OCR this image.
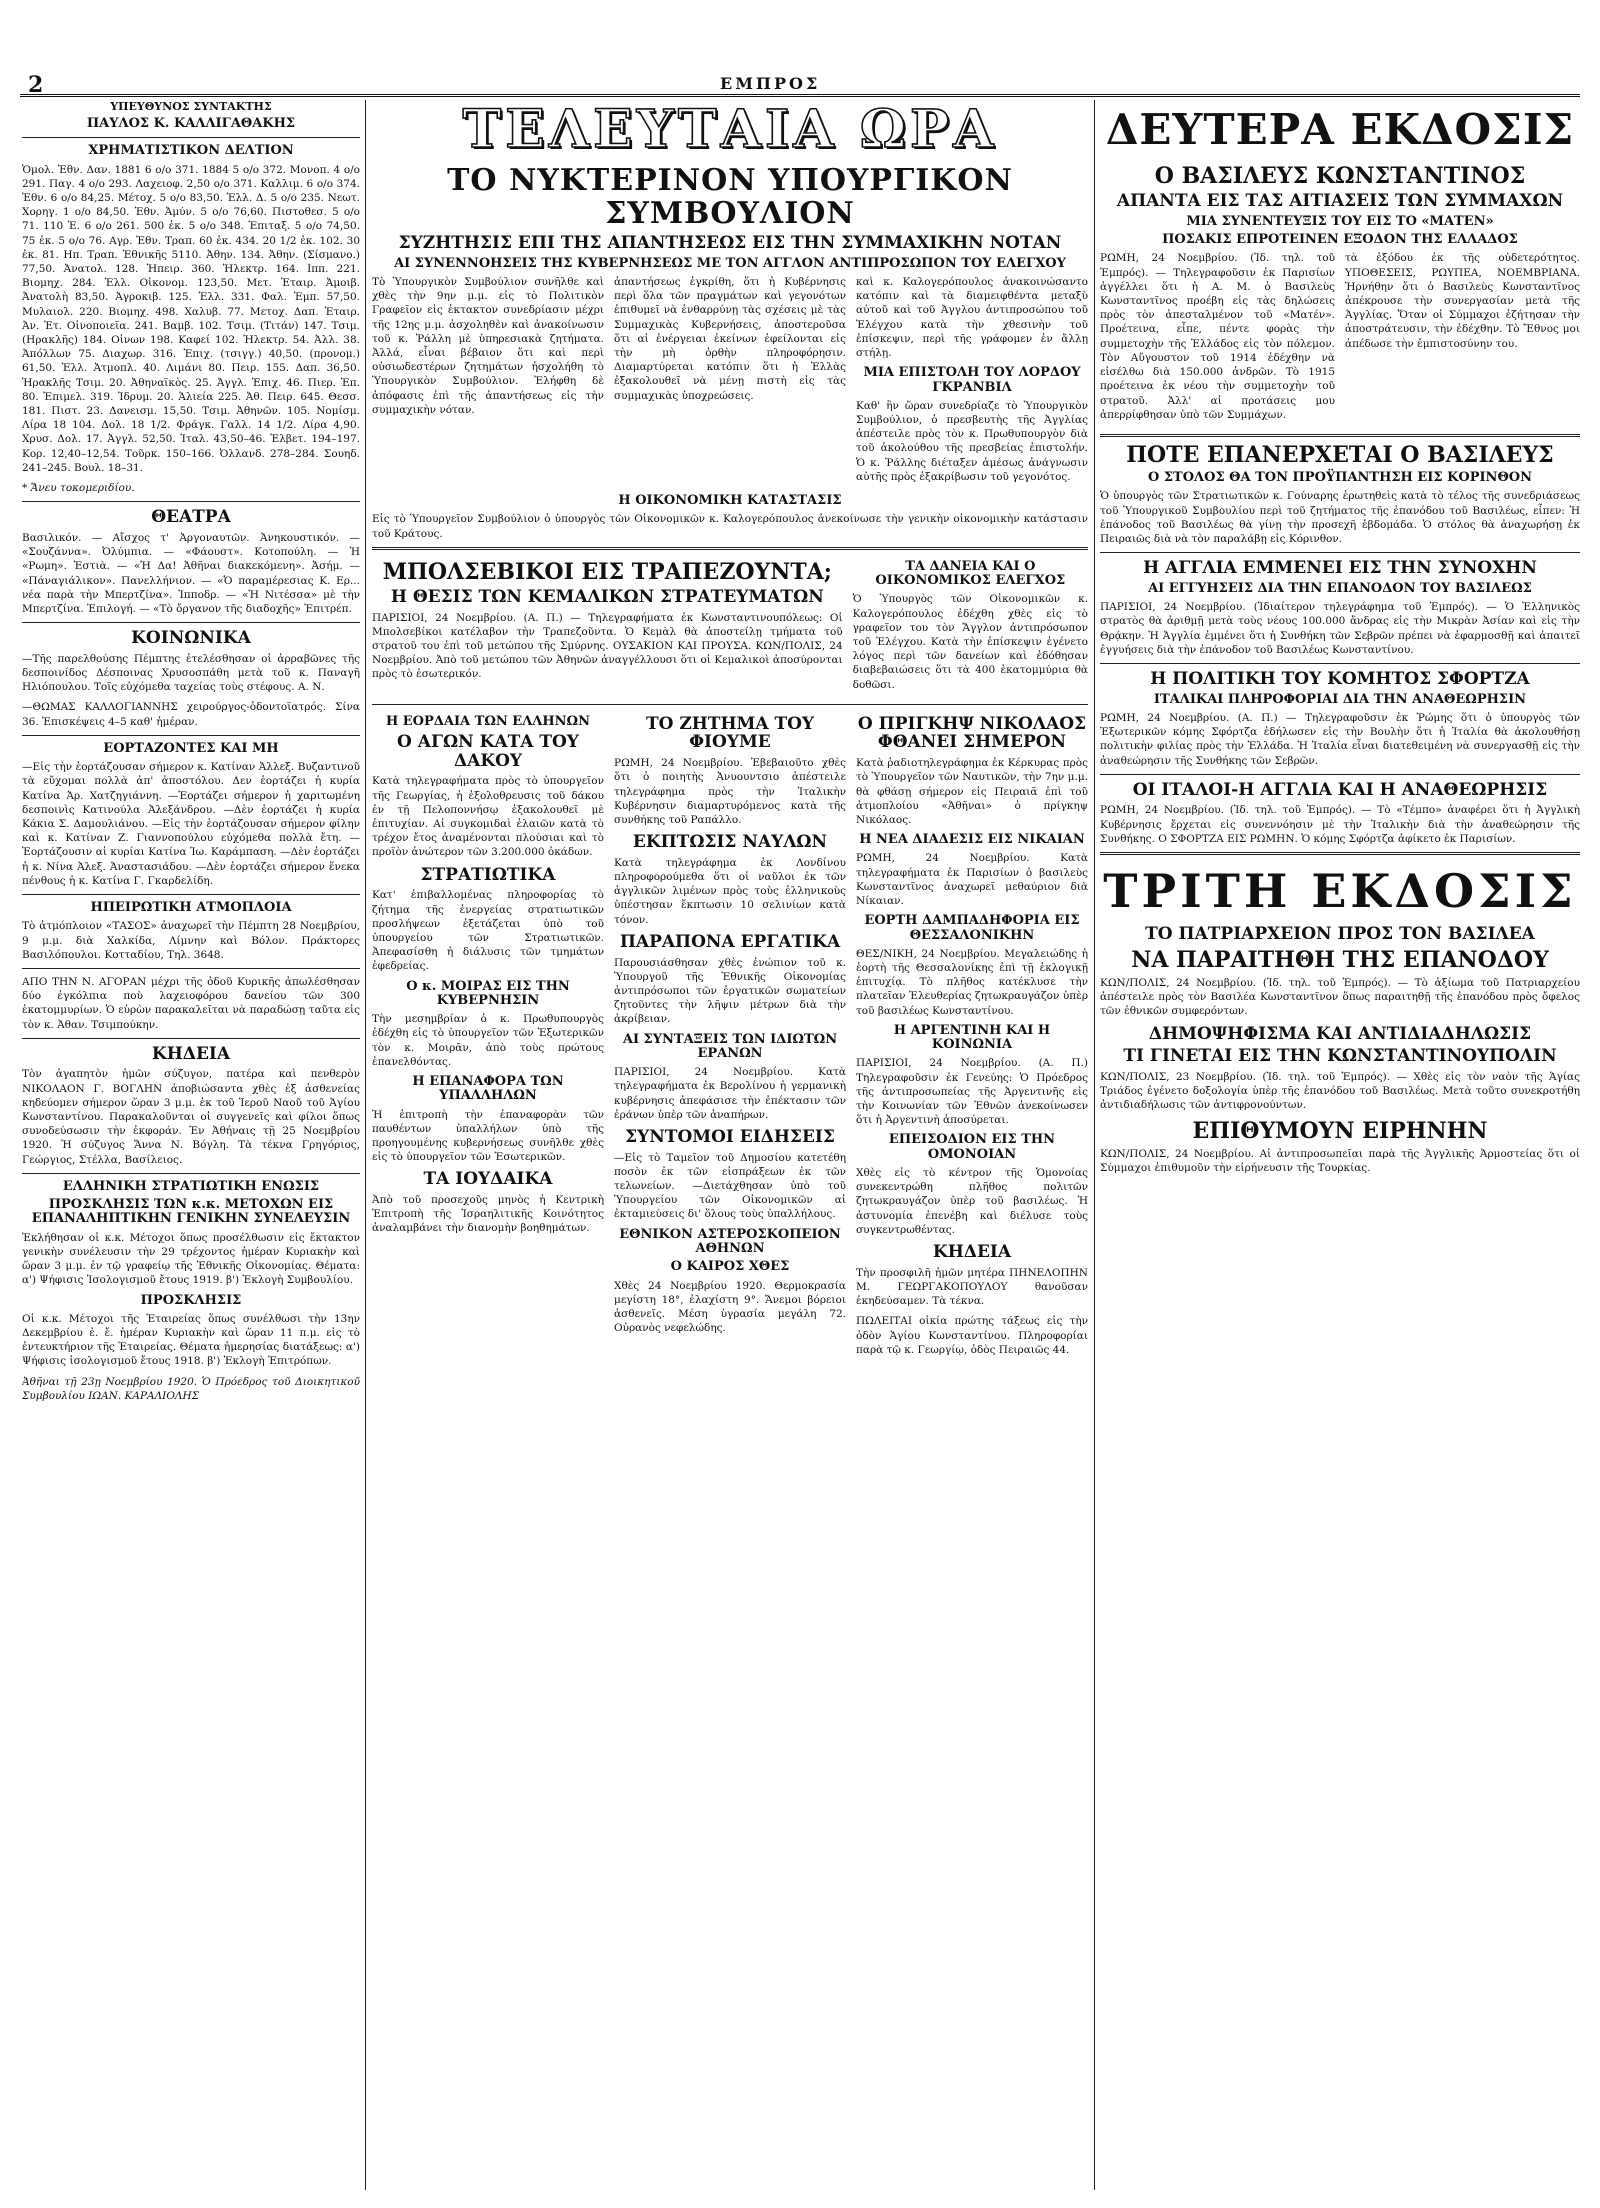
2	ΕΜΠΡΟΣ
ΥΠΕΥΘΥΝΟΣ ΣΥΝΤΑΚΤΗΣ
ΠΑΥΛΟΣ Κ. ΚΑΛΛΙΓΑΘΑΚΗΣ
ΧΡΗΜΑΤΙΣΤΙΚΟΝ ΔΕΛΤΙΟΝ

Ὁμολ. Ἐθν. Δαν. 1881 6 ο/ο 371. 1884 5 ο/ο 372. Μονοπ. 4 ο/ο 291. Παγ. 4 ο/ο 293. Λαχειοφ. 2,50 ο/ο 371. Καλλιμ. 6 ο/ο 374. Ἐθν. 6 ο/ο 84,25. Μέτοχ. 5 ο/ο 83,50. Ἐλλ. Δ. 5 ο/ο 235. Νεωτ. Χορηγ. 1 ο/ο 84,50. Ἐθν. Ἀμύν. 5 ο/ο 76,60. Πιστοθεσ. 5 ο/ο 71. 110 Ἐ. 6 ο/ο 261. 500 ἐκ. 5 ο/ο 348. Ἐπιταξ. 5 ο/ο 74,50. 75 ἐκ. 5 ο/ο 76. Αγρ. Ἐθν. Τραπ. 60 ἐκ. 434. 20 1/2 ἐκ. 102. 30 ἐκ. 81. Ηπ. Τραπ. Ἐθνικῆς 5110. Ἀθην. 134. Ἀθην. (Σίσμανο.) 77,50. Ἀνατολ. 128. Ἠπειρ. 360. Ἠλεκτρ. 164. Ιππ. 221. Βιομηχ. 284. Ἑλλ. Οἰκονομ. 123,50. Μετ. Ἐταιρ. Ἀμοιβ. Ἀνατολὴ 83,50. Ἀγροκιβ. 125. Ἑλλ. 331. Φαλ. Ἐμπ. 57,50. Μυλαιολ. 220. Βιομηχ. 498. Χαλυβ. 77. Μετοχ. Δαπ. Ἐταιρ. Ἀν. Ἑτ. Οἰνοποιεῖα. 241. Βαμβ. 102. Τσιμ. (Τιτάν) 147. Τσιμ. (Ηρακλῆς) 184. Οἰνων 198. Καφεί 102. Ἠλεκτρ. 54. Ἀλλ. 38. Ἀπόλλων 75. Διαχωρ. 316. Ἐπιχ. (τσιγγ.) 40,50. (προνομ.) 61,50. Ἐλλ. Ἀτμοπλ. 40. Λιμάνι 80. Πειρ. 155. Δαπ. 36,50. Ἡρακλῆς Τσιμ. 20. Ἀθηναϊκὸς. 25. Ἀγγλ. Ἐπιχ. 46. Πιερ. Ἐπ. 80. Ἐπιμελ. 319. Ἰδρυμ. 20. Ἁλιεία 225. Ἀθ. Πειρ. 645. Θεσσ. 181. Πιστ. 23. Δανεισμ. 15,50. Τσιμ. Ἀθηνῶν. 105. Νομίσμ. Λίρα 18 104. Δολ. 18 1/2. Φράγκ. Γαλλ. 14 1/2. Λίρα 4,90. Χρυσ. Δολ. 17. Ἀγγλ. 52,50. Ἰταλ. 43,50–46. Ἐλβετ. 194–197. Κορ. 12,40–12,54. Τοῦρκ. 150–166. Ὀλλανδ. 278–284. Σουηδ. 241–245. Βουλ. 18–31.

* Ἄνευ τοκομεριδίου.

ΘΕΑΤΡΑ

Βασιλικόν. — Αἴσχος τ' Ἀργοναυτῶν. Ἀνηκουστικόν. — «Σουζάννα». Ὀλύμπια. — «Φάουστ». Κοτοπούλη. — Ἡ «Ρωμη». Ἑστιὰ. — «Ἡ Δα! Ἀθῆναι διακεκόμενη». Ἀσήμ. — «Πάναγιάλικον». Πανελλήνιον. — «Ὁ παραμέρεσιας Κ. Ερ... νέα παρὰ τὴν Μπερτζίνα». Ἱπποδρ. — «Ἡ Νιτέσσα» μὲ τὴν Μπερτζίνα. Ἐπιλογή. — «Τὸ ὄργανον τῆς διαδοχῆς» Ἐπιτρέπ.

ΚΟΙΝΩΝΙΚΑ

—Τῆς παρελθούσης Πέμπτης ἐτελέσθησαν οἱ ἀρραβῶνες τῆς δεσποινίδος Δέσποινας Χρυσοσπάθη μετὰ τοῦ κ. Παναγῆ Ηλιόπουλου. Τοῖς εὐχόμεθα ταχείας τοὺς στέφους. Α. Ν.

—ΘΩΜΑΣ ΚΑΛΛΟΓΙΑΝΝΗΣ χειρούργος-ὀδοντοϊατρός. Σίνα 36. Ἐπισκέψεις 4–5 καθ' ἡμέραν.

ΕΟΡΤΑΖΟΝΤΕΣ ΚΑΙ ΜΗ

—Εἰς τὴν ἑορτάζουσαν σήμερον κ. Κατίναν Ἀλλεξ. Βυζαντινοῦ τὰ εὔχομαι πολλὰ ἀπ' ἀποστόλου. Δεν ἑορτάζει ἡ κυρία Κατίνα Ἀρ. Χατζηγιάννη. —Ἑορτάζει σήμερον ἡ χαριτωμένη δεσποινὶς Κατινούλα Ἀλεξάνδρου. —Δὲν ἑορτάζει ἡ κυρία Κάκια Σ. Δαμουλιάνου. —Εἰς τὴν ἑορτάζουσαν σήμερον φίλην καὶ κ. Κατίναν Ζ. Γιαννοπούλου εὐχόμεθα πολλὰ ἔτη. —Ἑορτάζουσιν αἱ κυρίαι Κατίνα Ἰω. Καράμπαση. —Δὲν ἑορτάζει ἡ κ. Νίνα Ἀλεξ. Ἀναστασιάδου. —Δὲν ἑορτάζει σήμερον ἕνεκα πένθους ἡ κ. Κατίνα Γ. Γκαρδελίδη.

ΗΠΕΙΡΩΤΙΚΗ ΑΤΜΟΠΛΟΙΑ

Τὸ ἀτμόπλοιον «ΤΑΣΟΣ» ἀναχωρεῖ τὴν Πέμπτη 28 Νοεμβρίου, 9 μ.μ. διὰ Χαλκίδα, Λίμνην καὶ Βόλον. Πράκτορες Βασιλόπουλοι. Κοτταδίου, Τηλ. 3648.

ΑΠΟ ΤΗΝ Ν. ΑΓΟΡΑΝ μέχρι τῆς ὀδοῦ Κυρικῆς ἀπωλέσθησαν δύο ἐγκόλπια ποὺ λαχειοφόρου δανείου τῶν 300 ἑκατομμυρίων. Ὁ εὑρὼν παρακαλεῖται νὰ παραδώσῃ ταῦτα εἰς τὸν κ. Ἀθαν. Τσιμπούκην.

ΚΗΔΕΙΑ

Τὸν ἀγαπητὸν ἡμῶν σύζυγον, πατέρα καὶ πενθερὸν ΝΙΚΟΛΑΟΝ Γ. ΒΟΓΛΗΝ ἀποβιώσαντα χθὲς ἐξ ἀσθενείας κηδεύομεν σήμερον ὥραν 3 μ.μ. ἐκ τοῦ Ἱεροῦ Ναοῦ τοῦ Ἁγίου Κωνσταντίνου. Παρακαλοῦνται οἱ συγγενεῖς καὶ φίλοι ὅπως συνοδεύσωσιν τὴν ἐκφοράν. Ἐν Ἀθήναις τῇ 25 Νοεμβρίου 1920. Ἡ σύζυγος Ἄννα Ν. Βόγλη. Τὰ τέκνα Γρηγόριος, Γεώργιος, Στέλλα, Βασίλειος.

ΕΛΛΗΝΙΚΗ ΣΤΡΑΤΙΩΤΙΚΗ ΕΝΩΣΙΣ
ΠΡΟΣΚΛΗΣΙΣ ΤΩΝ κ.κ. ΜΕΤΟΧΩΝ ΕΙΣ ΕΠΑΝΑΛΗΠΤΙΚΗΝ ΓΕΝΙΚΗΝ ΣΥΝΕΛΕΥΣΙΝ

Ἐκλήθησαν οἱ κ.κ. Μέτοχοι ὅπως προσέλθωσιν εἰς ἔκτακτον γενικὴν συνέλευσιν τὴν 29 τρέχοντος ἡμέραν Κυριακὴν καὶ ὥραν 3 μ.μ. ἐν τῷ γραφείῳ τῆς Ἐθνικῆς Οἰκονομίας. Θέματα: α') Ψήφισις Ἰσολογισμοῦ ἔτους 1919. β') Ἐκλογὴ Συμβουλίου.

ΠΡΟΣΚΛΗΣΙΣ

Οἱ κ.κ. Μέτοχοι τῆς Ἑταιρείας ὅπως συνέλθωσι τὴν 13ην Δεκεμβρίου ἐ. ἔ. ἡμέραν Κυριακὴν καὶ ὥραν 11 π.μ. εἰς τὸ ἐντευκτήριον τῆς Ἑταιρείας. Θέματα ἡμερησίας διατάξεως: α') Ψήφισις ἰσολογισμοῦ ἔτους 1918. β') Ἐκλογὴ Ἐπιτρόπων.

Ἀθῆναι τῇ 23ῃ Νοεμβρίου 1920. Ὁ Πρόεδρος τοῦ Διοικητικοῦ Συμβουλίου ΙΩΑΝ. ΚΑΡΑΛΙΟΛΗΣ

ΤΕΛΕΥΤΑΙΑ ΩΡΑ
ΤΟ ΝΥΚΤΕΡΙΝΟΝ ΥΠΟΥΡΓΙΚΟΝ ΣΥΜΒΟΥΛΙΟΝ
ΣΥΖΗΤΗΣΙΣ ΕΠΙ ΤΗΣ ΑΠΑΝΤΗΣΕΩΣ ΕΙΣ ΤΗΝ ΣΥΜΜΑΧΙΚΗΝ ΝΟΤΑΝ
ΑΙ ΣΥΝΕΝΝΟΗΣΕΙΣ ΤΗΣ ΚΥΒΕΡΝΗΣΕΩΣ ΜΕ ΤΟΝ ΑΓΓΛΟΝ ΑΝΤΙΠΡΟΣΩΠΟΝ ΤΟΥ ΕΛΕΓΧΟΥ

Τὸ Ὑπουργικὸν Συμβούλιον συνῆλθε καὶ χθὲς τὴν 9ην μ.μ. εἰς τὸ Πολιτικὸν Γραφεῖον εἰς ἐκτακτον συνεδρίασιν μέχρι τῆς 12ης μ.μ. ἀσχοληθὲν καὶ ἀνακοίνωσιν τοῦ κ. Ῥάλλη μὲ ὑπηρεσιακὰ ζητήματα. Ἀλλά, εἶναι βέβαιον ὅτι καὶ περὶ οὐσιωδεστέρων ζητημάτων ἠσχολήθη τὸ Ὑπουργικὸν Συμβούλιον. Ἐλήφθη δὲ ἀπόφασις ἐπὶ τῆς ἀπαντήσεως εἰς τὴν συμμαχικὴν νόταν.

ἀπαντήσεως ἐγκρίθη, ὅτι ἡ Κυβέρνησις περὶ ὅλα τῶν πραγμάτων καὶ γεγονότων ἐπιθυμεῖ νὰ ἐνθαρρύνῃ τὰς σχέσεις μὲ τὰς Συμμαχικὰς Κυβερνήσεις, ἀποστεροῦσα ὅτι αἱ ἐνέργειαι ἐκείνων ἐφείλονται εἰς τὴν μὴ ὀρθὴν πληροφόρησιν. Διαμαρτύρεται κατόπιν ὅτι ἡ Ἑλλὰς ἐξακολουθεῖ νὰ μένῃ πιστὴ εἰς τὰς συμμαχικὰς ὑποχρεώσεις.

καὶ κ. Καλογερόπουλος ἀνακοινώσαντο κατόπιν καὶ τὰ διαμειφθέντα μεταξὺ αὐτοῦ καὶ τοῦ Ἀγγλου ἀντιπροσώπου τοῦ Ἐλέγχου κατὰ τὴν χθεσινὴν τοῦ ἐπίσκεψιν, περὶ τῆς γράφομεν ἐν ἄλλῃ στήλῃ.

ΜΙΑ ΕΠΙΣΤΟΛΗ ΤΟΥ ΛΟΡΔΟΥ ΓΚΡΑΝΒΙΛ

Καθ' ἣν ὥραν συνεδρίαζε τὸ Ὑπουργικὸν Συμβούλιον, ὁ πρεσβευτὴς τῆς Ἀγγλίας ἀπέστειλε πρὸς τὸν κ. Πρωθυπουργὸν διὰ τοῦ ἀκολούθου τῆς πρεσβείας ἐπιστολήν. Ὁ κ. Ῥάλλης διέταξεν ἀμέσως ἀνάγνωσιν αὐτῆς πρὸς ἐξακρίβωσιν τοῦ γεγονότος.

Η ΟΙΚΟΝΟΜΙΚΗ ΚΑΤΑΣΤΑΣΙΣ

Εἰς τὸ Ὑπουργεῖον Συμβούλιον ὁ ὑπουργὸς τῶν Οἰκονομικῶν κ. Καλογερόπουλος ἀνεκοίνωσε τὴν γενικὴν οἰκονομικὴν κατάστασιν τοῦ Κράτους.

ΜΠΟΛΣΕΒΙΚΟΙ ΕΙΣ ΤΡΑΠΕΖΟΥΝΤΑ;
Η ΘΕΣΙΣ ΤΩΝ ΚΕΜΑΛΙΚΩΝ ΣΤΡΑΤΕΥΜΑΤΩΝ

ΠΑΡΙΣΙΟΙ, 24 Νοεμβρίου. (Α. Π.) — Τηλεγραφήματα ἐκ Κωνσταντινουπόλεως: Οἱ Μπολσεβίκοι κατέλαβον τὴν Τραπεζοῦντα. Ὁ Κεμὰλ θὰ ἀποστείλῃ τμήματα τοῦ στρατοῦ του ἐπὶ τοῦ μετώπου τῆς Σμύρνης. ΟΥΣΑΚΙΟΝ ΚΑΙ ΠΡΟΥΣΑ. ΚΩΝ/ΠΟΛΙΣ, 24 Νοεμβρίου. Ἀπὸ τοῦ μετώπου τῶν Ἀθηνῶν ἀναγγέλλουσι ὅτι οἱ Κεμαλικοὶ ἀποσύρονται πρὸς τὸ ἐσωτερικόν.

ΤΑ ΔΑΝΕΙΑ ΚΑΙ Ο ΟΙΚΟΝΟΜΙΚΟΣ ΕΛΕΓΧΟΣ

Ὁ Ὑπουργὸς τῶν Οἰκονομικῶν κ. Καλογερόπουλος ἐδέχθη χθὲς εἰς τὸ γραφεῖον του τὸν Ἄγγλον ἀντιπρόσωπον τοῦ Ἐλέγχου. Κατὰ τὴν ἐπίσκεψιν ἐγένετο λόγος περὶ τῶν δανείων καὶ ἐδόθησαν διαβεβαιώσεις ὅτι τὰ 400 ἑκατομμύρια θὰ δοθῶσι.

Η ΕΟΡΔΑΙΑ ΤΩΝ ΕΛΛΗΝΩΝ
Ο ΑΓΩΝ ΚΑΤΑ ΤΟΥ ΔΑΚΟΥ

Κατὰ τηλεγραφήματα πρὸς τὸ ὑπουργεῖον τῆς Γεωργίας, ἡ ἐξολοθρευσις τοῦ δάκου ἐν τῇ Πελοποννήσῳ ἐξακολουθεῖ μὲ ἐπιτυχίαν. Αἱ συγκομιδαὶ ἐλαιῶν κατὰ τὸ τρέχον ἔτος ἀναμένονται πλούσιαι καὶ τὸ προϊὸν ἀνώτερον τῶν 3.200.000 ὀκάδων.

ΣΤΡΑΤΙΩΤΙΚΑ

Κατ' ἐπιβαλλομένας πληροφορίας τὸ ζήτημα τῆς ἐνεργείας στρατιωτικῶν προσλήψεων ἐξετάζεται ὑπὸ τοῦ ὑπουργείου τῶν Στρατιωτικῶν. Ἀπεφασίσθη ἡ διάλυσις τῶν τμημάτων ἐφεδρείας.

Ο κ. ΜΟΙΡΑΣ ΕΙΣ ΤΗΝ ΚΥΒΕΡΝΗΣΙΝ

Τὴν μεσημβρίαν ὁ κ. Πρωθυπουργὸς ἐδέχθη εἰς τὸ ὑπουργεῖον τῶν Ἐξωτερικῶν τὸν κ. Μοιρᾶν, ἀπὸ τοὺς πρώτους ἐπανελθόντας.

Η ΕΠΑΝΑΦΟΡΑ ΤΩΝ ΥΠΑΛΛΗΛΩΝ

Ἡ ἐπιτροπὴ τὴν ἐπαναφορὰν τῶν παυθέντων ὑπαλλήλων ὑπὸ τῆς προηγουμένης κυβερνήσεως συνῆλθε χθὲς εἰς τὸ ὑπουργεῖον τῶν Ἐσωτερικῶν.

ΤΑ ΙΟΥΔΑΙΚΑ

Ἀπὸ τοῦ προσεχοῦς μηνὸς ἡ Κεντρικὴ Ἐπιτροπὴ τῆς Ἰσραηλιτικῆς Κοινότητος ἀναλαμβάνει τὴν διανομὴν βοηθημάτων.

ΤΟ ΖΗΤΗΜΑ ΤΟΥ ΦΙΟΥΜΕ

ΡΩΜΗ, 24 Νοεμβρίου. Ἐβεβαιοῦτο χθὲς ὅτι ὁ ποιητὴς Ἀνυουντσιο ἀπέστειλε τηλεγράφημα πρὸς τὴν Ἰταλικὴν Κυβέρνησιν διαμαρτυρόμενος κατὰ τῆς συνθήκης τοῦ Ραπάλλο.

ΕΚΠΤΩΣΙΣ ΝΑΥΛΩΝ

Κατὰ τηλεγράφημα ἐκ Λονδίνου πληροφορούμεθα ὅτι οἱ ναῦλοι ἐκ τῶν ἀγγλικῶν λιμένων πρὸς τοὺς ἑλληνικοὺς ὑπέστησαν ἔκπτωσιν 10 σελινίων κατὰ τόνον.

ΠΑΡΑΠΟΝΑ ΕΡΓΑΤΙΚΑ

Παρουσιάσθησαν χθὲς ἐνώπιον τοῦ κ. Ὑπουργοῦ τῆς Ἐθνικῆς Οἰκονομίας ἀντιπρόσωποι τῶν ἐργατικῶν σωματείων ζητοῦντες τὴν λῆψιν μέτρων διὰ τὴν ἀκρίβειαν.

ΑΙ ΣΥΝΤΑΞΕΙΣ ΤΩΝ ΙΔΙΩΤΩΝ ΕΡΑΝΩΝ

ΠΑΡΙΣΙΟΙ, 24 Νοεμβρίου. Κατὰ τηλεγραφήματα ἐκ Βερολίνου ἡ γερμανικὴ κυβέρνησις ἀπεφάσισε τὴν ἐπέκτασιν τῶν ἐράνων ὑπὲρ τῶν ἀναπήρων.

ΣΥΝΤΟΜΟΙ ΕΙΔΗΣΕΙΣ

—Εἰς τὸ Ταμεῖον τοῦ Δημοσίου κατετέθη ποσὸν ἐκ τῶν εἰσπράξεων ἐκ τῶν τελωνείων. —Διετάχθησαν ὑπὸ τοῦ Ὑπουργείου τῶν Οἰκονομικῶν αἱ ἐκταμιεύσεις δι' ὅλους τοὺς ὑπαλλήλους.

ΕΘΝΙΚΟΝ ΑΣΤΕΡΟΣΚΟΠΕΙΟΝ ΑΘΗΝΩΝ
Ο ΚΑΙΡΟΣ ΧΘΕΣ

Χθὲς 24 Νοεμβρίου 1920. Θερμοκρασία μεγίστη 18°, ἐλαχίστη 9°. Ἄνεμοι βόρειοι ἀσθενεῖς. Μέση ὑγρασία μεγάλη 72. Οὐρανὸς νεφελώδης.

Ο ΠΡΙΓΚΗΨ ΝΙΚΟΛΑΟΣ ΦΘΑΝΕΙ ΣΗΜΕΡΟΝ

Κατὰ ῥαδιοτηλεγράφημα ἐκ Κέρκυρας πρὸς τὸ Ὑπουργεῖον τῶν Ναυτικῶν, τὴν 7ην μ.μ. θὰ φθάσῃ σήμερον εἰς Πειραιᾶ ἐπὶ τοῦ ἀτμοπλοίου «Ἀθῆναι» ὁ πρίγκηψ Νικόλαος.

Η ΝΕΑ ΔΙΑΔΕΣΙΣ ΕΙΣ ΝΙΚΑΙΑΝ

ΡΩΜΗ, 24 Νοεμβρίου. Κατὰ τηλεγραφήματα ἐκ Παρισίων ὁ βασιλεὺς Κωνσταντῖνος ἀναχωρεῖ μεθαύριον διὰ Νίκαιαν.

ΕΟΡΤΗ ΔΑΜΠΑΔΗΦΟΡΙΑ ΕΙΣ ΘΕΣΣΑΛΟΝΙΚΗΝ

ΘΕΣ/ΝΙΚΗ, 24 Νοεμβρίου. Μεγαλειώδης ἡ ἑορτὴ τῆς Θεσσαλονίκης ἐπὶ τῇ ἐκλογικῇ ἐπιτυχίᾳ. Τὸ πλῆθος κατέκλυσε τὴν πλατεῖαν Ἐλευθερίας ζητωκραυγάζον ὑπὲρ τοῦ βασιλέως Κωνσταντίνου.

Η ΑΡΓΕΝΤΙΝΗ ΚΑΙ Η ΚΟΙΝΩΝΙΑ

ΠΑΡΙΣΙΟΙ, 24 Νοεμβρίου. (Α. Π.) Τηλεγραφοῦσιν ἐκ Γενεύης: Ὁ Πρόεδρος τῆς ἀντιπροσωπείας τῆς Ἀργεντινῆς εἰς τὴν Κοινωνίαν τῶν Ἐθνῶν ἀνεκοίνωσεν ὅτι ἡ Ἀργεντινὴ ἀποσύρεται.

ΕΠΕΙΣΟΔΙΟΝ ΕΙΣ ΤΗΝ ΟΜΟΝΟΙΑΝ

Χθὲς εἰς τὸ κέντρον τῆς Ὁμονοίας συνεκεντρώθη πλῆθος πολιτῶν ζητωκραυγάζον ὑπὲρ τοῦ βασιλέως. Ἡ ἀστυνομία ἐπενέβη καὶ διέλυσε τοὺς συγκεντρωθέντας.

ΚΗΔΕΙΑ

Τὴν προσφιλῆ ἡμῶν μητέρα ΠΗΝΕΛΟΠΗΝ Μ. ΓΕΩΡΓΑΚΟΠΟΥΛΟΥ θανοῦσαν ἐκηδεύσαμεν. Τὰ τέκνα.

ΠΩΛΕΙΤΑΙ οἰκία πρώτης τάξεως εἰς τὴν ὁδὸν Ἁγίου Κωνσταντίνου. Πληροφορίαι παρὰ τῷ κ. Γεωργίῳ, ὁδὸς Πειραιῶς 44.

ΔΕΥΤΕΡΑ ΕΚΔΟΣΙΣ
Ο ΒΑΣΙΛΕΥΣ ΚΩΝΣΤΑΝΤΙΝΟΣ
ΑΠΑΝΤΑ ΕΙΣ ΤΑΣ ΑΙΤΙΑΣΕΙΣ ΤΩΝ ΣΥΜΜΑΧΩΝ
ΜΙΑ ΣΥΝΕΝΤΕΥΞΙΣ ΤΟΥ ΕΙΣ ΤΟ «ΜΑΤΕΝ»
ΠΟΣΑΚΙΣ ΕΠΡΟΤΕΙΝΕΝ ΕΞΟΔΟΝ ΤΗΣ ΕΛΛΑΔΟΣ

ΡΩΜΗ, 24 Νοεμβρίου. (Ἰδ. τηλ. τοῦ Ἐμπρός). — Τηλεγραφοῦσιν ἐκ Παρισίων ἀγγέλλει ὅτι ἡ Α. Μ. ὁ Βασιλεὺς Κωνσταντῖνος προέβη εἰς τὰς δηλώσεις πρὸς τὸν ἀπεσταλμένον τοῦ «Ματέν». Προέτεινα, εἶπε, πέντε φορὰς τὴν συμμετοχὴν τῆς Ἑλλάδος εἰς τὸν πόλεμον. Τὸν Αὔγουστον τοῦ 1914 ἐδέχθην νὰ εἰσέλθω διὰ 150.000 ἀνδρῶν. Τὸ 1915 προέτεινα ἐκ νέου τὴν συμμετοχὴν τοῦ στρατοῦ. Ἀλλ' αἱ προτάσεις μου ἀπερρίφθησαν ὑπὸ τῶν Συμμάχων.

τὰ ἐξόδου ἐκ τῆς οὐδετερότητος. ΥΠΟΘΕΣΕΙΣ, ΡΩΥΠΕΑ, ΝΟΕΜΒΡΙΑΝΑ. Ἠρνήθην ὅτι ὁ Βασιλεὺς Κωνσταντῖνος ἀπέκρουσε τὴν συνεργασίαν μετὰ τῆς Ἀγγλίας. Ὅταν οἱ Σύμμαχοι ἐζήτησαν τὴν ἀποστράτευσιν, τὴν ἐδέχθην. Τὸ Ἔθνος μοι ἀπέδωσε τὴν ἐμπιστοσύνην του.

ΠΟΤΕ ΕΠΑΝΕΡΧΕΤΑΙ Ο ΒΑΣΙΛΕΥΣ
Ο ΣΤΟΛΟΣ ΘΑ ΤΟΝ ΠΡΟΫΠΑΝΤΗΣΗ ΕΙΣ ΚΟΡΙΝΘΟΝ

Ὁ ὑπουργὸς τῶν Στρατιωτικῶν κ. Γούναρης ἐρωτηθεὶς κατὰ τὸ τέλος τῆς συνεδριάσεως τοῦ Ὑπουργικοῦ Συμβουλίου περὶ τοῦ ζητήματος τῆς ἐπανόδου τοῦ Βασιλέως, εἶπεν: Ἡ ἐπάνοδος τοῦ Βασιλέως θὰ γίνῃ τὴν προσεχῆ ἑβδομάδα. Ὁ στόλος θὰ ἀναχωρήσῃ ἐκ Πειραιῶς διὰ νὰ τὸν παραλάβῃ εἰς Κόρινθον.

Η ΑΓΓΛΙΑ ΕΜΜΕΝΕΙ ΕΙΣ ΤΗΝ ΣΥΝΟΧΗΝ
ΑΙ ΕΓΓΥΗΣΕΙΣ ΔΙΑ ΤΗΝ ΕΠΑΝΟΔΟΝ ΤΟΥ ΒΑΣΙΛΕΩΣ

ΠΑΡΙΣΙΟΙ, 24 Νοεμβρίου. (Ἰδιαίτερον τηλεγράφημα τοῦ Ἐμπρός). — Ὁ Ἑλληνικὸς στρατὸς θὰ ἀριθμῇ μετὰ τοὺς νέους 100.000 ἄνδρας εἰς τὴν Μικρὰν Ἀσίαν καὶ εἰς τὴν Θρᾴκην. Ἡ Ἀγγλία ἐμμένει ὅτι ἡ Συνθήκη τῶν Σεβρῶν πρέπει νὰ ἐφαρμοσθῇ καὶ ἀπαιτεῖ ἐγγυήσεις διὰ τὴν ἐπάνοδον τοῦ Βασιλέως Κωνσταντίνου.

Η ΠΟΛΙΤΙΚΗ ΤΟΥ ΚΟΜΗΤΟΣ ΣΦΟΡΤΖΑ
ΙΤΑΛΙΚΑΙ ΠΛΗΡΟΦΟΡΙΑΙ ΔΙΑ ΤΗΝ ΑΝΑΘΕΩΡΗΣΙΝ

ΡΩΜΗ, 24 Νοεμβρίου. (Α. Π.) — Τηλεγραφοῦσιν ἐκ Ῥώμης ὅτι ὁ ὑπουργὸς τῶν Ἐξωτερικῶν κόμης Σφόρτζα ἐδήλωσεν εἰς τὴν Βουλὴν ὅτι ἡ Ἰταλία θὰ ἀκολουθήσῃ πολιτικὴν φιλίας πρὸς τὴν Ἑλλάδα. Ἡ Ἰταλία εἶναι διατεθειμένη νὰ συνεργασθῇ εἰς τὴν ἀναθεώρησιν τῆς Συνθήκης τῶν Σεβρῶν.

ΟΙ ΙΤΑΛΟΙ-Η ΑΓΓΛΙΑ ΚΑΙ Η ΑΝΑΘΕΩΡΗΣΙΣ

ΡΩΜΗ, 24 Νοεμβρίου. (Ἰδ. τηλ. τοῦ Ἐμπρός). — Τὸ «Τέμπο» ἀναφέρει ὅτι ἡ Ἀγγλικὴ Κυβέρνησις ἔρχεται εἰς συνεννόησιν μὲ τὴν Ἰταλικὴν διὰ τὴν ἀναθεώρησιν τῆς Συνθήκης. Ο ΣΦΟΡΤΖΑ ΕΙΣ ΡΩΜΗΝ. Ὁ κόμης Σφόρτζα ἀφίκετο ἐκ Παρισίων.

ΤΡΙΤΗ ΕΚΔΟΣΙΣ
ΤΟ ΠΑΤΡΙΑΡΧΕΙΟΝ ΠΡΟΣ ΤΟΝ ΒΑΣΙΛΕΑ
ΝΑ ΠΑΡΑΙΤΗΘΗ ΤΗΣ ΕΠΑΝΟΔΟΥ

ΚΩΝ/ΠΟΛΙΣ, 24 Νοεμβρίου. (Ἰδ. τηλ. τοῦ Ἐμπρός). — Τὸ ἀξίωμα τοῦ Πατριαρχείου ἀπέστειλε πρὸς τὸν Βασιλέα Κωνσταντῖνον ὅπως παραιτηθῇ τῆς ἐπανόδου πρὸς ὄφελος τῶν ἐθνικῶν συμφερόντων.

ΔΗΜΟΨΗΦΙΣΜΑ ΚΑΙ ΑΝΤΙΔΙΑΔΗΛΩΣΙΣ
ΤΙ ΓΙΝΕΤΑΙ ΕΙΣ ΤΗΝ ΚΩΝΣΤΑΝΤΙΝΟΥΠΟΛΙΝ

ΚΩΝ/ΠΟΛΙΣ, 23 Νοεμβρίου. (Ἰδ. τηλ. τοῦ Ἐμπρός). — Χθὲς εἰς τὸν ναὸν τῆς Ἁγίας Τριάδος ἐγένετο δοξολογία ὑπὲρ τῆς ἐπανόδου τοῦ Βασιλέως. Μετὰ τοῦτο συνεκροτήθη ἀντιδιαδήλωσις τῶν ἀντιφρονούντων.

ΕΠΙΘΥΜΟΥΝ ΕΙΡΗΝΗΝ

ΚΩΝ/ΠΟΛΙΣ, 24 Νοεμβρίου. Αἱ ἀντιπροσωπεῖαι παρὰ τῆς Ἀγγλικῆς Ἀρμοστείας ὅτι οἱ Σύμμαχοι ἐπιθυμοῦν τὴν εἰρήνευσιν τῆς Τουρκίας.
